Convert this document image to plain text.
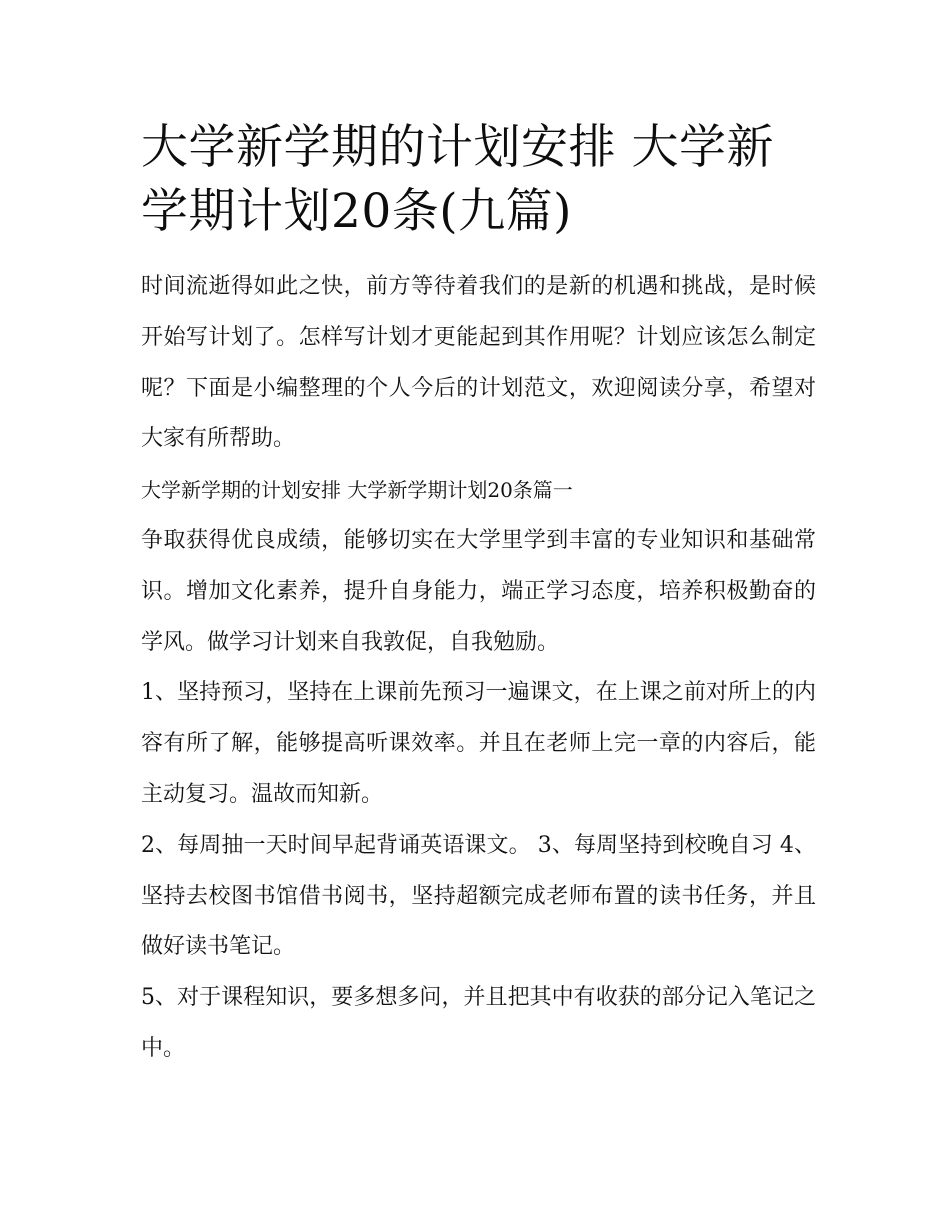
大学新学期的计划安排 大学新学期计划20条(九篇)

时间流逝得如此之快，前方等待着我们的是新的机遇和挑战，是时候开始写计划了。怎样写计划才更能起到其作用呢？计划应该怎么制定呢？下面是小编整理的个人今后的计划范文，欢迎阅读分享，希望对大家有所帮助。

大学新学期的计划安排 大学新学期计划20条篇一

争取获得优良成绩，能够切实在大学里学到丰富的专业知识和基础常识。增加文化素养，提升自身能力，端正学习态度，培养积极勤奋的学风。做学习计划来自我敦促，自我勉励。

1、坚持预习，坚持在上课前先预习一遍课文，在上课之前对所上的内容有所了解，能够提高听课效率。并且在老师上完一章的内容后，能主动复习。温故而知新。

2、每周抽一天时间早起背诵英语课文。 3、每周坚持到校晚自习 4、坚持去校图书馆借书阅书，坚持超额完成老师布置的读书任务，并且做好读书笔记。

5、对于课程知识，要多想多问，并且把其中有收获的部分记入笔记之中。
